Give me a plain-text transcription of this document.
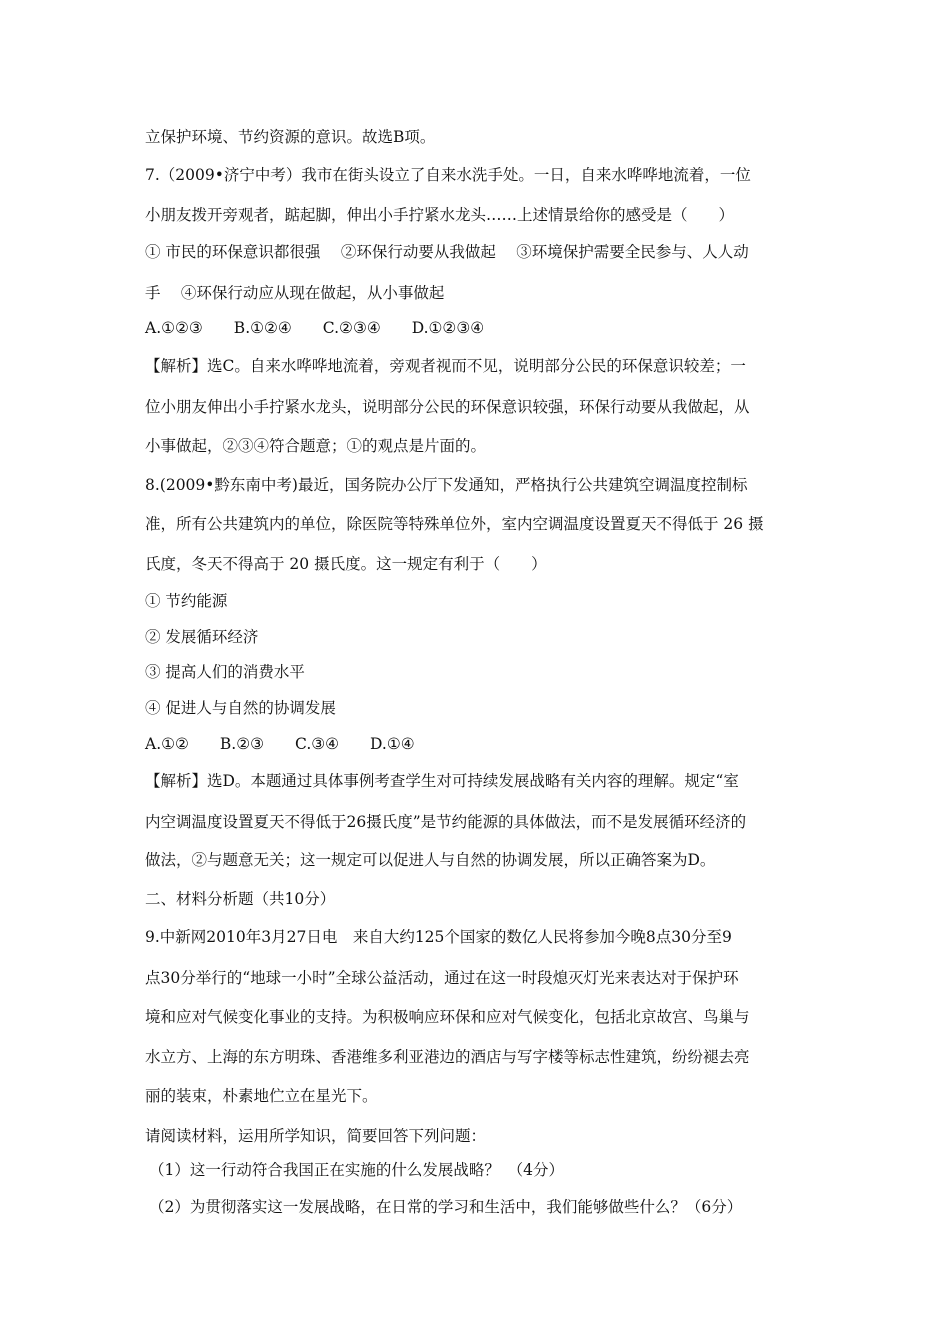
立保护环境、节约资源的意识。故选B项。
7.（2009•济宁中考）我市在街头设立了自来水洗手处。一日，自来水哗哗地流着，一位
小朋友拨开旁观者，踮起脚，伸出小手拧紧水龙头……上述情景给你的感受是（　　）
① 市民的环保意识都很强　 ②环保行动要从我做起　 ③环境保护需要全民参与、人人动
手　 ④环保行动应从现在做起，从小事做起
A.①②③　　B.①②④　　C.②③④　　D.①②③④
【解析】选C。自来水哗哗地流着，旁观者视而不见，说明部分公民的环保意识较差；一
位小朋友伸出小手拧紧水龙头，说明部分公民的环保意识较强，环保行动要从我做起，从
小事做起，②③④符合题意；①的观点是片面的。
8.(2009•黔东南中考)最近，国务院办公厅下发通知，严格执行公共建筑空调温度控制标
准，所有公共建筑内的单位，除医院等特殊单位外，室内空调温度设置夏天不得低于 26 摄
氏度，冬天不得高于 20 摄氏度。这一规定有利于（　　）
① 节约能源
② 发展循环经济
③ 提高人们的消费水平
④ 促进人与自然的协调发展
A.①②　　B.②③　　C.③④　　D.①④
【解析】选D。本题通过具体事例考查学生对可持续发展战略有关内容的理解。规定“室
内空调温度设置夏天不得低于26摄氏度”是节约能源的具体做法，而不是发展循环经济的
做法，②与题意无关；这一规定可以促进人与自然的协调发展，所以正确答案为D。
二、材料分析题（共10分）
9.中新网2010年3月27日电　来自大约125个国家的数亿人民将参加今晚8点30分至9
点30分举行的“地球一小时”全球公益活动，通过在这一时段熄灭灯光来表达对于保护环
境和应对气候变化事业的支持。为积极响应环保和应对气候变化，包括北京故宫、鸟巢与
水立方、上海的东方明珠、香港维多利亚港边的酒店与写字楼等标志性建筑，纷纷褪去亮
丽的装束，朴素地伫立在星光下。
请阅读材料，运用所学知识，简要回答下列问题：
（1）这一行动符合我国正在实施的什么发展战略？　（4分）
（2）为贯彻落实这一发展战略，在日常的学习和生活中，我们能够做些什么？（6分）
